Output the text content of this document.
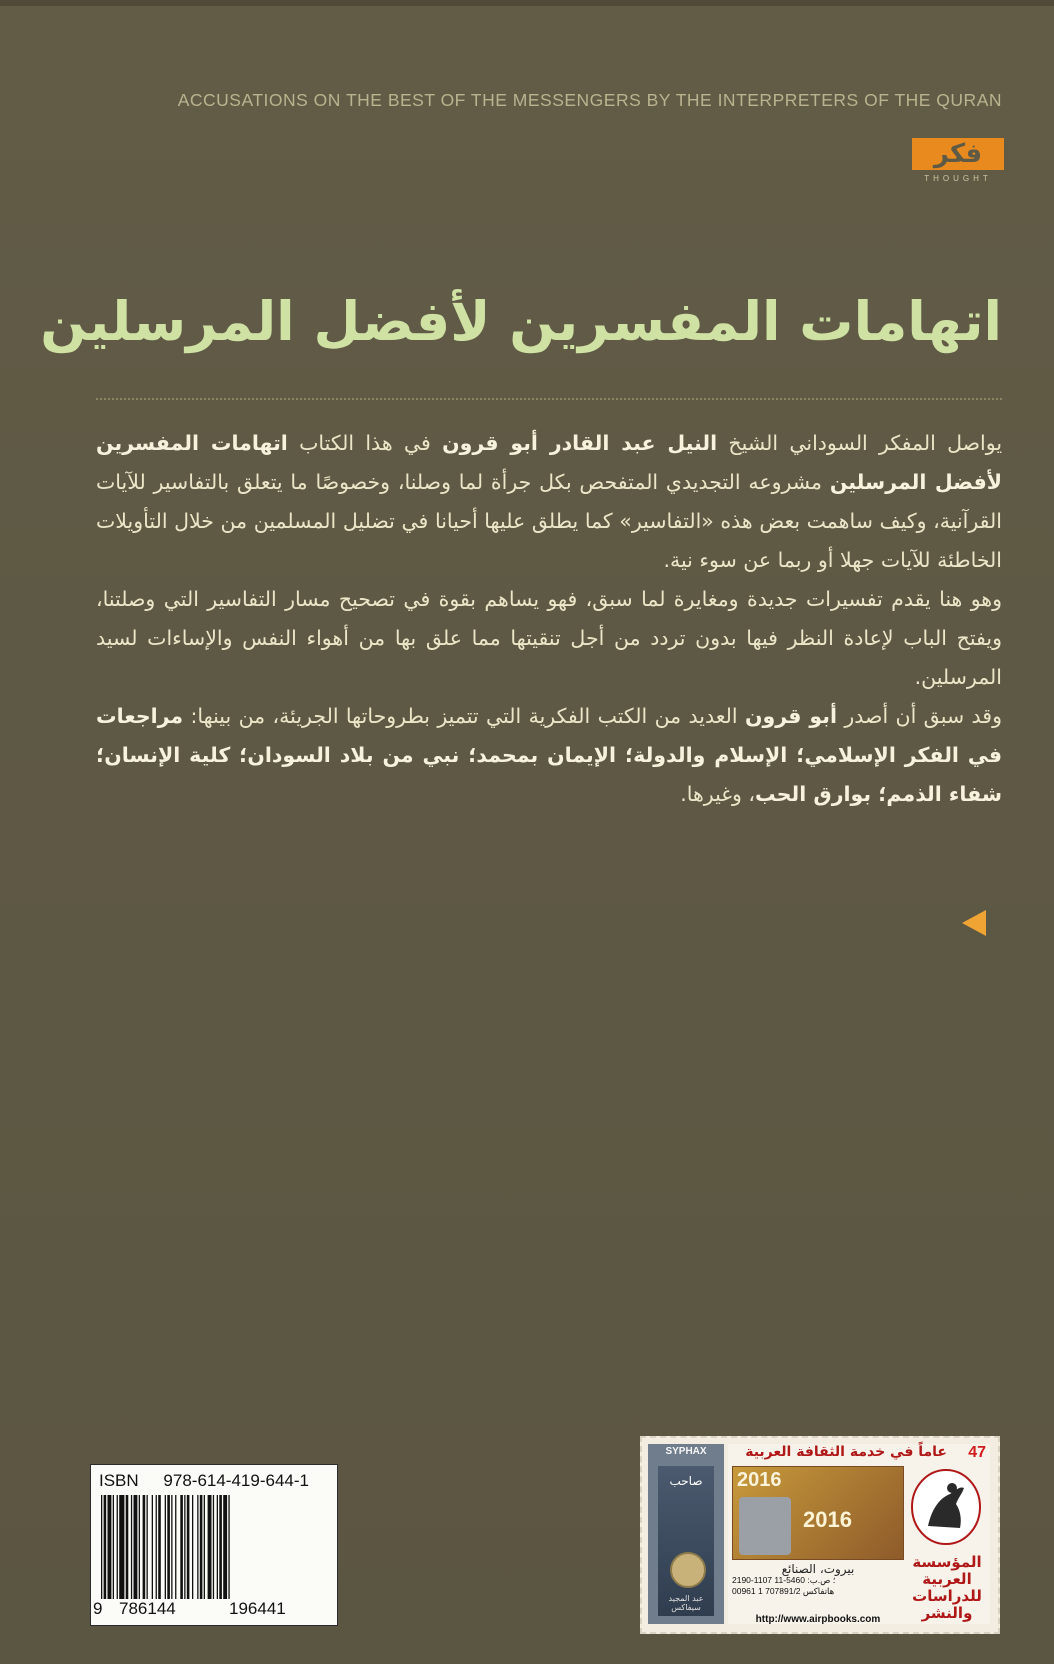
ACCUSATIONS ON THE BEST OF THE MESSENGERS BY THE INTERPRETERS OF THE QURAN
فكر
THOUGHT
اتهامات المفسرين لأفضل المرسلين

يواصل المفكر السوداني الشيخ النيل عبد القادر أبو قرون في هذا الكتاب اتهامات المفسرين لأفضل المرسلين مشروعه التجديدي المتفحص بكل جرأة لما وصلنا، وخصوصًا ما يتعلق بالتفاسير للآيات القرآنية، وكيف ساهمت بعض هذه «التفاسير» كما يطلق عليها أحيانا في تضليل المسلمين من خلال التأويلات الخاطئة للآيات جهلا أو ربما عن سوء نية.

وهو هنا يقدم تفسيرات جديدة ومغايرة لما سبق، فهو يساهم بقوة في تصحيح مسار التفاسير التي وصلتنا، ويفتح الباب لإعادة النظر فيها بدون تردد من أجل تنقيتها مما علق بها من أهواء النفس والإساءات لسيد المرسلين.

وقد سبق أن أصدر أبو قرون العديد من الكتب الفكرية التي تتميز بطروحاتها الجريئة، من بينها: مراجعات في الفكر الإسلامي؛ الإسلام والدولة؛ الإيمان بمحمد؛ نبي من بلاد السودان؛ كلية الإنسان؛ شفاء الذمم؛ بوارق الحب، وغيرها.

ISBN 978-614-419-644-1
9 786144	196441
SYPHAX
صاحب
عبد المجيد سيفاكس
47
عاماً في خدمة الثقافة العربية
2016
2016
بيروت، الصنائع
2190-1107 ؛ ص.ب: 5460-11
00961 1 707891/2 هاتفاكس
المؤسسة
العربية
للدراسات
والنشر
http://www.airpbooks.com
